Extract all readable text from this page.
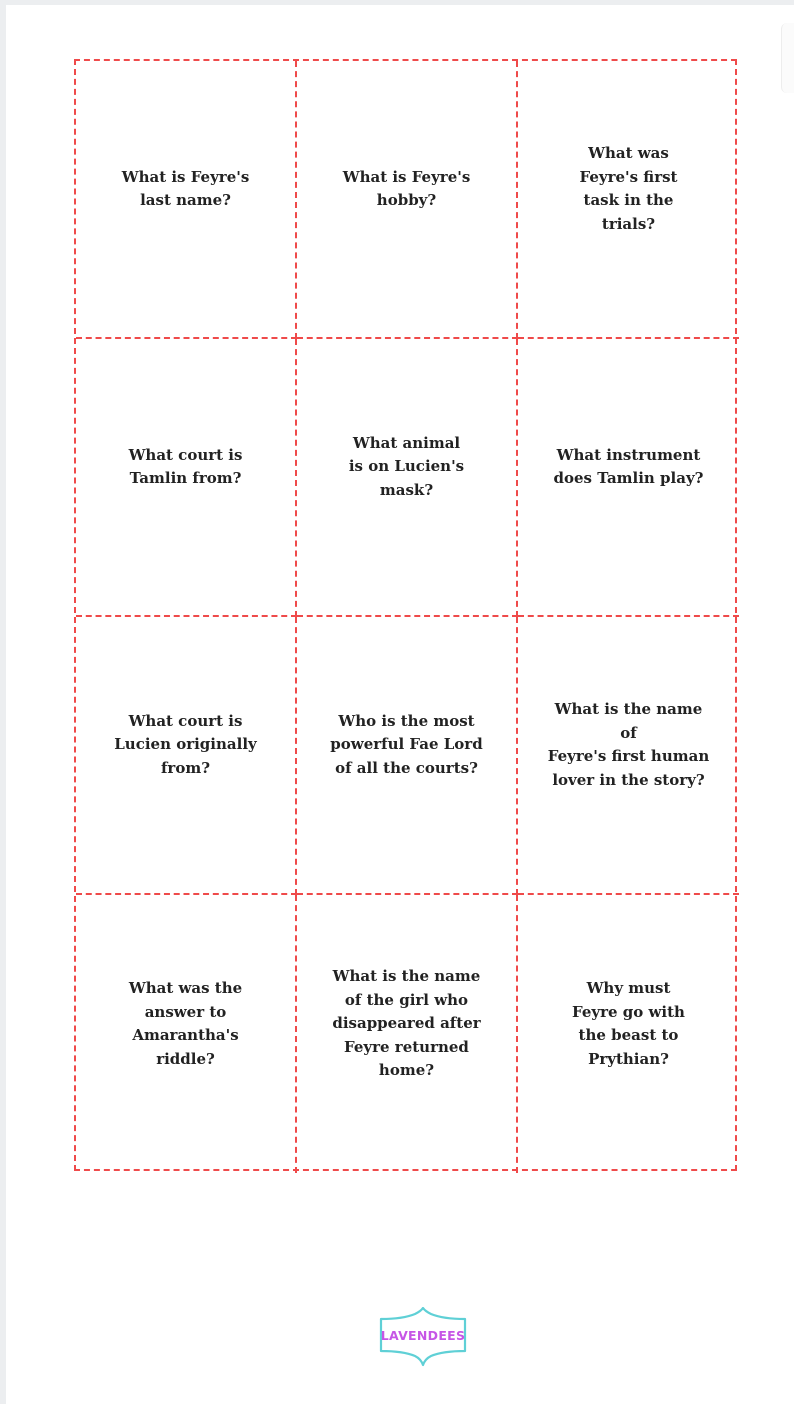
What is Feyre's
last name?
What is Feyre's
hobby?
What was
Feyre's first
task in the
trials?
What court is
Tamlin from?
What animal
is on Lucien's
mask?
What instrument
does Tamlin play?
What court is
Lucien originally
from?
Who is the most
powerful Fae Lord
of all the courts?
What is the name of
Feyre's first human
lover in the story?
What was the
answer to
Amarantha's
riddle?
What is the name
of the girl who
disappeared after
Feyre returned
home?
Why must
Feyre go with
the beast to
Prythian?
LAVENDEES
